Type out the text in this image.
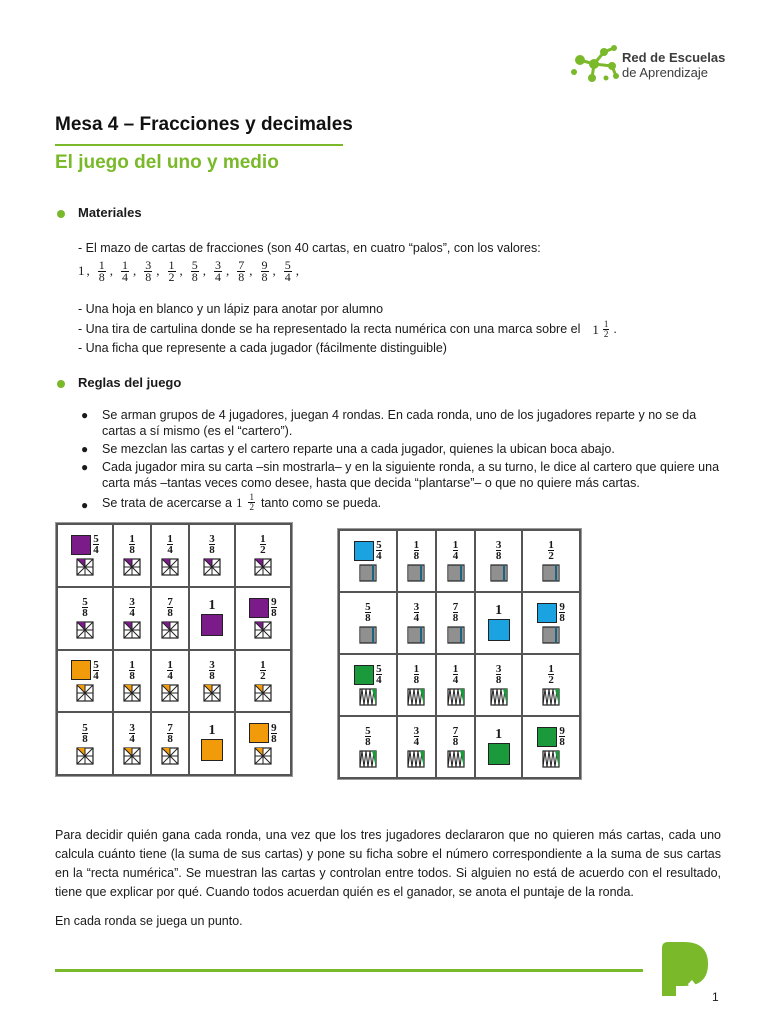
Red de Escuelas
de Aprendizaje
Mesa 4 – Fracciones y decimales
El juego del uno y medio
Materiales
- El mazo de cartas de fracciones (son 40 cartas, en cuatro “palos”, con los valores:
1 , $\frac{1}{8}$ , $\frac{1}{4}$ , $\frac{3}{8}$ , $\frac{1}{2}$ , $\frac{5}{8}$ , $\frac{3}{4}$ , $\frac{7}{8}$ , $\frac{9}{8}$ , $\frac{5}{4}$ ,
- Una hoja en blanco y un lápiz para anotar por alumno
- Una tira de cartulina donde se ha representado la recta numérica con una marca sobre el $1 \frac{1}{2}$ .
- Una ficha que represente a cada jugador (fácilmente distinguible)
Reglas del juego
● Se arman grupos de 4 jugadores, juegan 4 rondas. En cada ronda, uno de los jugadores reparte y no se da cartas a sí mismo (es el “cartero”).
● Se mezclan las cartas y el cartero reparte una a cada jugador, quienes la ubican boca abajo.
● Cada jugador mira su carta –sin mostrarla– y en la siguiente ronda, a su turno, le dice al cartero que quiere una carta más –tantas veces como desee, hasta que decida “plantarse”– o que no quiere más cartas.
● Se trata de acercarse a $1 \frac{1}{2}$ tanto como se pueda.
$\frac{5}{4}$	$\frac{1}{8}$	$\frac{1}{4}$	$\frac{3}{8}$	$\frac{1}{2}$

$\frac{5}{8}$	$\frac{3}{4}$	$\frac{7}{8}$	1	$\frac{9}{8}$

$\frac{5}{4}$	$\frac{1}{8}$	$\frac{1}{4}$	$\frac{3}{8}$	$\frac{1}{2}$

$\frac{5}{8}$	$\frac{3}{4}$	$\frac{7}{8}$	1	$\frac{9}{8}$
$\frac{5}{4}$	$\frac{1}{8}$	$\frac{1}{4}$	$\frac{3}{8}$	$\frac{1}{2}$

$\frac{5}{8}$	$\frac{3}{4}$	$\frac{7}{8}$	1	$\frac{9}{8}$

$\frac{5}{4}$	$\frac{1}{8}$	$\frac{1}{4}$	$\frac{3}{8}$	$\frac{1}{2}$

$\frac{5}{8}$	$\frac{3}{4}$	$\frac{7}{8}$	1	$\frac{9}{8}$
Para decidir quién gana cada ronda, una vez que los tres jugadores declararon que no quieren más cartas, cada uno calcula cuánto tiene (la suma de sus cartas) y pone su ficha sobre el número correspondiente a la suma de sus cartas en la “recta numérica”. Se muestran las cartas y controlan entre todos. Si alguien no está de acuerdo con el resultado, tiene que explicar por qué. Cuando todos acuerdan quién es el ganador, se anota el puntaje de la ronda.
En cada ronda se juega un punto.
1
